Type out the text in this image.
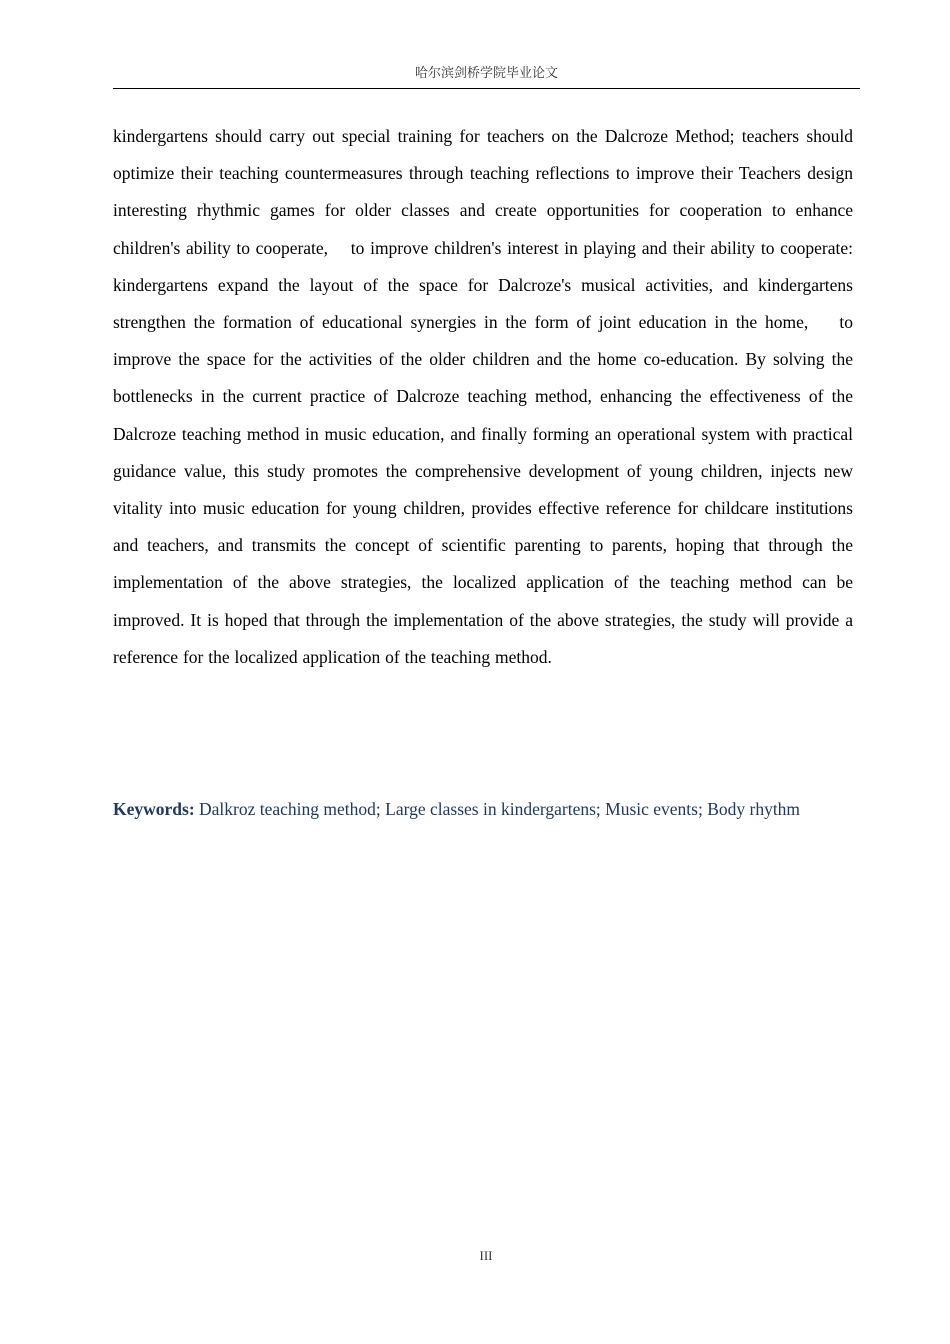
哈尔滨剑桥学院毕业论文
kindergartens should carry out special training for teachers on the Dalcroze Method; teachers should optimize their teaching countermeasures through teaching reflections to improve their Teachers design interesting rhythmic games for older classes and create opportunities for cooperation to enhance children's ability to cooperate,    to improve children's interest in playing and their ability to cooperate: kindergartens expand the layout of the space for Dalcroze's musical activities, and kindergartens strengthen the formation of educational synergies in the form of joint education in the home,    to improve the space for the activities of the older children and the home co-education. By solving the bottlenecks in the current practice of Dalcroze teaching method, enhancing the effectiveness of the Dalcroze teaching method in music education, and finally forming an operational system with practical guidance value, this study promotes the comprehensive development of young children, injects new vitality into music education for young children, provides effective reference for childcare institutions and teachers, and transmits the concept of scientific parenting to parents, hoping that through the implementation of the above strategies, the localized application of the teaching method can be improved. It is hoped that through the implementation of the above strategies, the study will provide a reference for the localized application of the teaching method.
Keywords: Dalkroz teaching method; Large classes in kindergartens; Music events; Body rhythm
III
